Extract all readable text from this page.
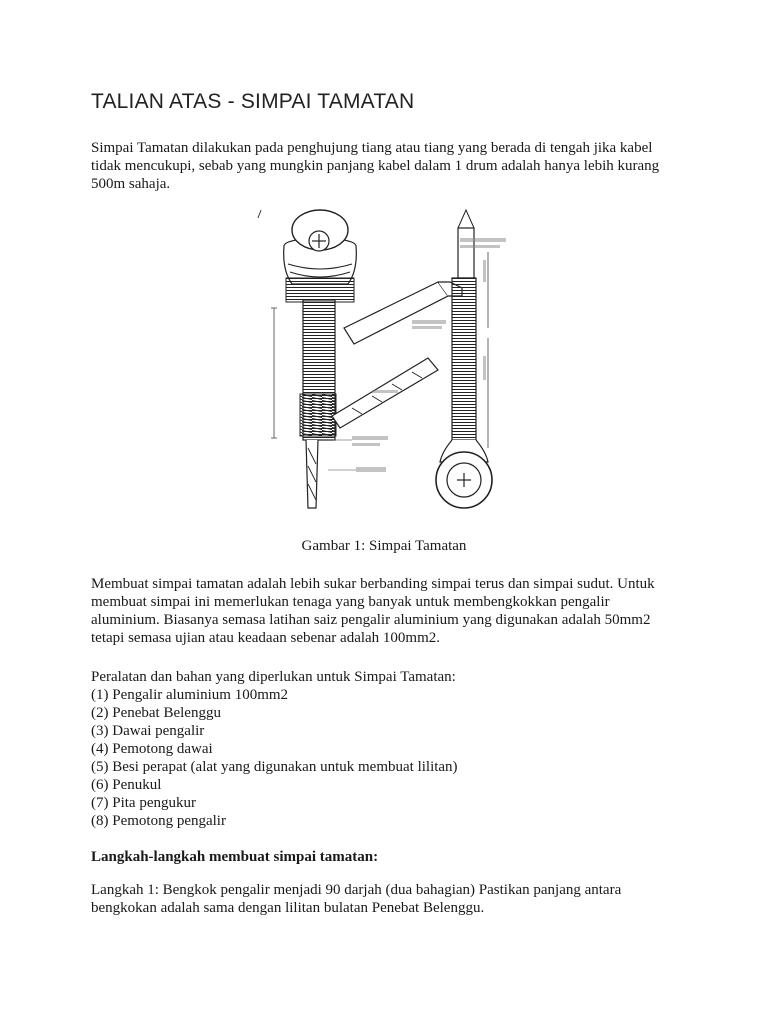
TALIAN ATAS - SIMPAI TAMATAN

Simpai Tamatan dilakukan pada penghujung tiang atau tiang yang berada di tengah jika kabel tidak mencukupi, sebab yang mungkin panjang kabel dalam 1 drum adalah hanya lebih kurang 500m sahaja.

Gambar 1: Simpai Tamatan

Membuat simpai tamatan adalah lebih sukar berbanding simpai terus dan simpai sudut. Untuk membuat simpai ini memerlukan tenaga yang banyak untuk membengkokkan pengalir aluminium. Biasanya semasa latihan saiz pengalir aluminium yang digunakan adalah 50mm2 tetapi semasa ujian atau keadaan sebenar adalah 100mm2.

Peralatan dan bahan yang diperlukan untuk Simpai Tamatan:

(1) Pengalir aluminium 100mm2
(2) Penebat Belenggu
(3) Dawai pengalir
(4) Pemotong dawai
(5) Besi perapat (alat yang digunakan untuk membuat lilitan)
(6) Penukul
(7) Pita pengukur
(8) Pemotong pengalir

Langkah-langkah membuat simpai tamatan:

Langkah 1: Bengkok pengalir menjadi 90 darjah (dua bahagian) Pastikan panjang antara bengkokan adalah sama dengan lilitan bulatan Penebat Belenggu.
